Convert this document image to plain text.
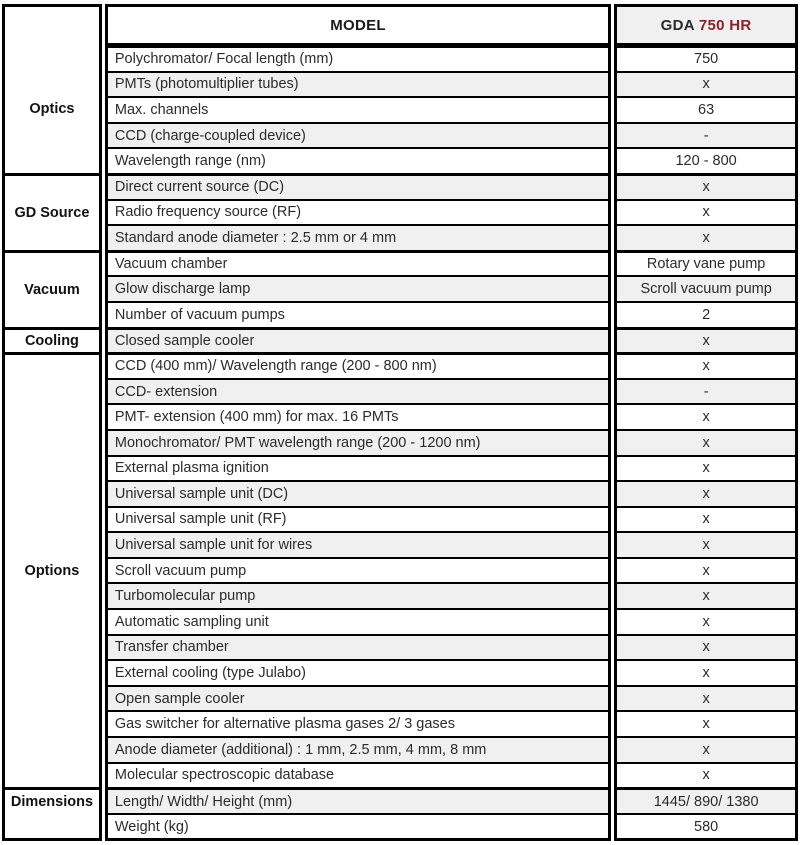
Optics
GD Source
Vacuum
Cooling
Options
Dimensions
MODEL
Polychromator/ Focal length (mm)
PMTs (photomultiplier tubes)
Max. channels
CCD (charge-coupled device)
Wavelength range (nm)
Direct current source (DC)
Radio frequency source (RF)
Standard anode diameter : 2.5 mm or 4 mm
Vacuum chamber
Glow discharge lamp
Number of vacuum pumps
Closed sample cooler
CCD (400 mm)/ Wavelength range (200 - 800 nm)
CCD- extension
PMT- extension (400 mm) for max. 16 PMTs
Monochromator/ PMT wavelength range (200 - 1200 nm)
External plasma ignition
Universal sample unit (DC)
Universal sample unit (RF)
Universal sample unit for wires
Scroll vacuum pump
Turbomolecular pump
Automatic sampling unit
Transfer chamber
External cooling (type Julabo)
Open sample cooler
Gas switcher for alternative plasma gases 2/ 3 gases
Anode diameter (additional) : 1 mm, 2.5 mm, 4 mm, 8 mm
Molecular spectroscopic database
Length/ Width/ Height (mm)
Weight (kg)
GDA 750 HR
750
x
63
-
120 - 800
x
x
x
Rotary vane pump
Scroll vacuum pump
2
x
x
-
x
x
x
x
x
x
x
x
x
x
x
x
x
x
x
1445/ 890/ 1380
580
